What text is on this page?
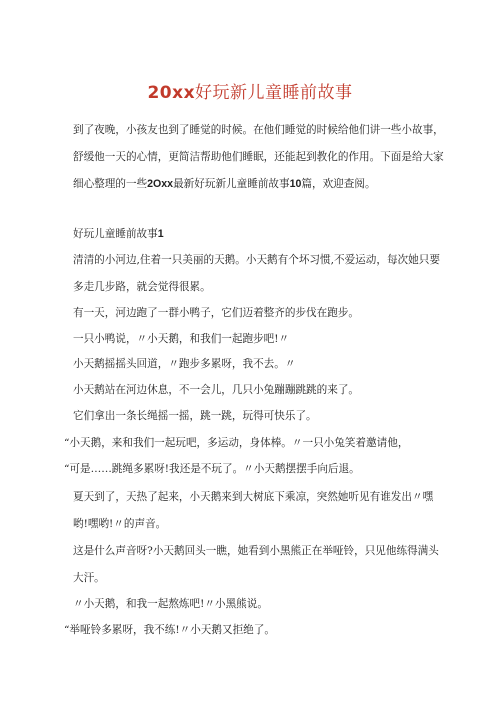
20xx好玩新儿童睡前故事
到了夜晚，小孩友也到了睡觉的时候。在他们睡觉的时候给他们讲一些小故事，
舒缓他一天的心情，更简洁帮助他们睡眠，还能起到教化的作用。下面是给大家
细心整理的一些2Oxx最新好玩新儿童睡前故事10篇，欢迎查阅。
好玩儿童睡前故事1
清清的小河边,住着一只美丽的天鹅。小天鹅有个坏习惯,不爱运动，每次她只要
多走几步路，就会觉得很累。
有一天，河边跑了一群小鸭子，它们迈着整齐的步伐在跑步。
一只小鸭说，〃小天鹅，和我们一起跑步吧!〃
小天鹅摇摇头回道，〃跑步多累呀，我不去。〃
小天鹅站在河边休息，不一会儿，几只小兔蹦蹦跳跳的来了。
它们拿出一条长绳摇一摇，跳一跳，玩得可快乐了。
“小天鹅，来和我们一起玩吧，多运动，身体棒。〃一只小兔笑着邀请他，
“可是……跳绳多累呀!我还是不玩了。〃小天鹅摆摆手向后退。
夏天到了，天热了起来，小天鹅来到大树底下乘凉，突然她听见有谁发出〃嘿
哟!嘿哟!〃的声音。
这是什么声音呀?小天鹅回头一瞧，她看到小黑熊正在举哑铃，只见他练得满头
大汗。
〃小天鹅，和我一起熬炼吧!〃小黑熊说。
“举哑铃多累呀，我不练!〃小天鹅又拒绝了。
